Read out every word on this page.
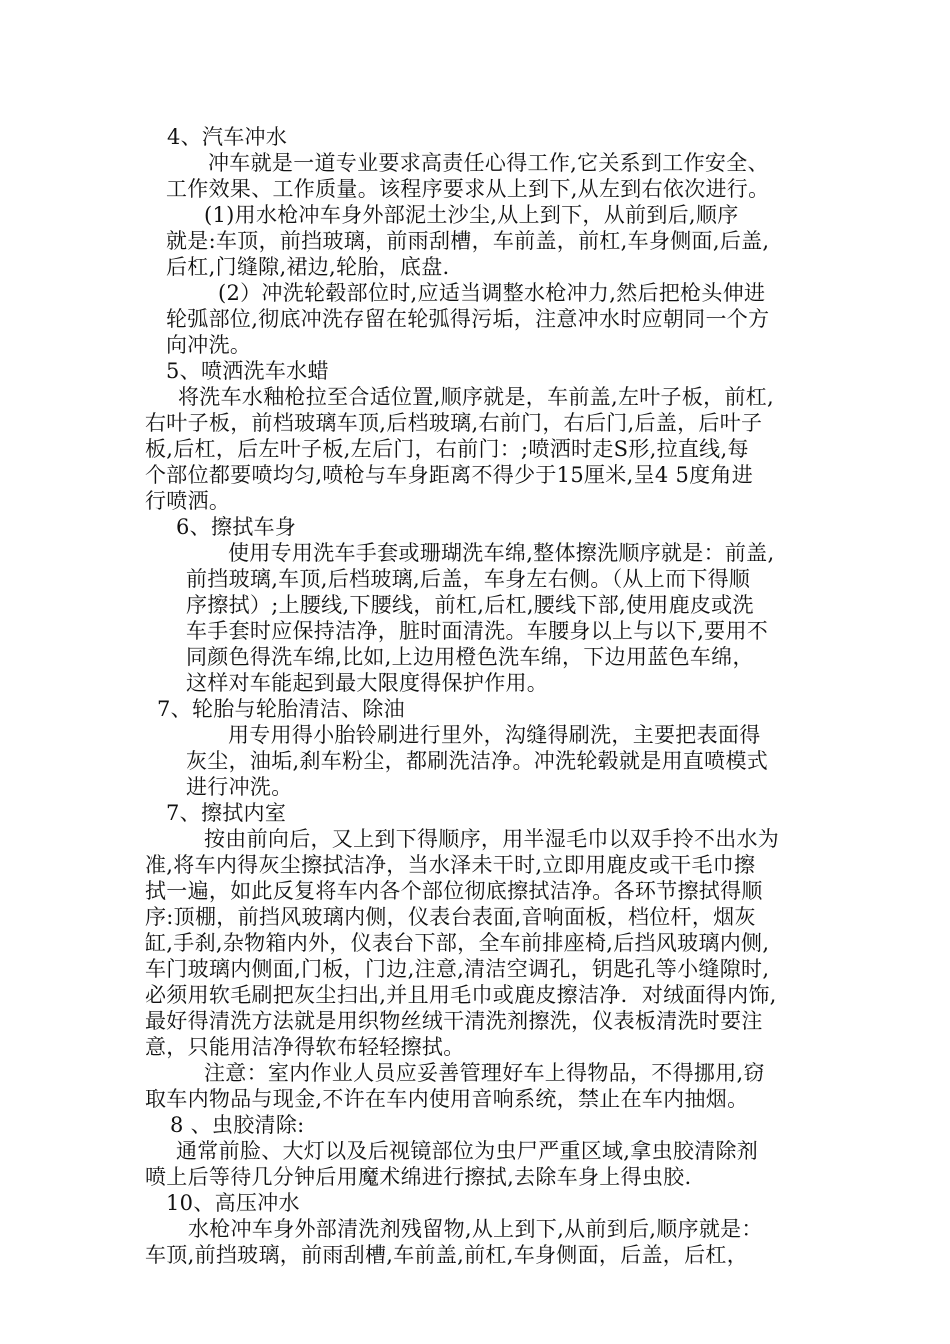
4、汽车冲水
冲车就是一道专业要求高责任心得工作,它关系到工作安全、
工作效果、工作质量。该程序要求从上到下,从左到右依次进行。
(1)用水枪冲车身外部泥土沙尘,从上到下，从前到后,顺序
就是:车顶，前挡玻璃，前雨刮槽，车前盖，前杠,车身侧面,后盖,
后杠,门缝隙,裙边,轮胎，底盘.
(2）冲洗轮毂部位时,应适当调整水枪冲力,然后把枪头伸进
轮弧部位,彻底冲洗存留在轮弧得污垢，注意冲水时应朝同一个方
向冲洗。
5、喷洒洗车水蜡
将洗车水釉枪拉至合适位置,顺序就是，车前盖,左叶子板，前杠,
右叶子板，前档玻璃车顶,后档玻璃,右前门，右后门,后盖，后叶子
板,后杠，后左叶子板,左后门，右前门：;喷洒时走S形,拉直线,每
个部位都要喷均匀,喷枪与车身距离不得少于15厘米,呈4 5度角进
行喷洒。
6、擦拭车身
使用专用洗车手套或珊瑚洗车绵,整体擦洗顺序就是：前盖,
前挡玻璃,车顶,后档玻璃,后盖，车身左右侧。（从上而下得顺
序擦拭）;上腰线,下腰线，前杠,后杠,腰线下部,使用鹿皮或洗
车手套时应保持洁净，脏时面清洗。车腰身以上与以下,要用不
同颜色得洗车绵,比如,上边用橙色洗车绵，下边用蓝色车绵，
这样对车能起到最大限度得保护作用。
7、轮胎与轮胎清洁、除油
用专用得小胎铃刷进行里外，沟缝得刷洗，主要把表面得
灰尘，油垢,刹车粉尘，都刷洗洁净。冲洗轮毂就是用直喷模式
进行冲洗。
7、擦拭内室
按由前向后，又上到下得顺序，用半湿毛巾以双手拎不出水为
准,将车内得灰尘擦拭洁净，当水泽未干时,立即用鹿皮或干毛巾擦
拭一遍，如此反复将车内各个部位彻底擦拭洁净。各环节擦拭得顺
序:顶棚，前挡风玻璃内侧，仪表台表面,音响面板，档位杆，烟灰
缸,手刹,杂物箱内外，仪表台下部，全车前排座椅,后挡风玻璃内侧,
车门玻璃内侧面,门板，门边,注意,清洁空调孔，钥匙孔等小缝隙时,
必须用软毛刷把灰尘扫出,并且用毛巾或鹿皮擦洁净．对绒面得内饰,
最好得清洗方法就是用织物丝绒干清洗剂擦洗，仪表板清洗时要注
意，只能用洁净得软布轻轻擦拭。
注意：室内作业人员应妥善管理好车上得物品，不得挪用,窃
取车内物品与现金,不许在车内使用音响系统，禁止在车内抽烟。
8 、虫胶清除:
通常前脸、大灯以及后视镜部位为虫尸严重区域,拿虫胶清除剂
喷上后等待几分钟后用魔术绵进行擦拭,去除车身上得虫胶.
10、高压冲水
水枪冲车身外部清洗剂残留物,从上到下,从前到后,顺序就是：
车顶,前挡玻璃，前雨刮槽,车前盖,前杠,车身侧面，后盖，后杠，
